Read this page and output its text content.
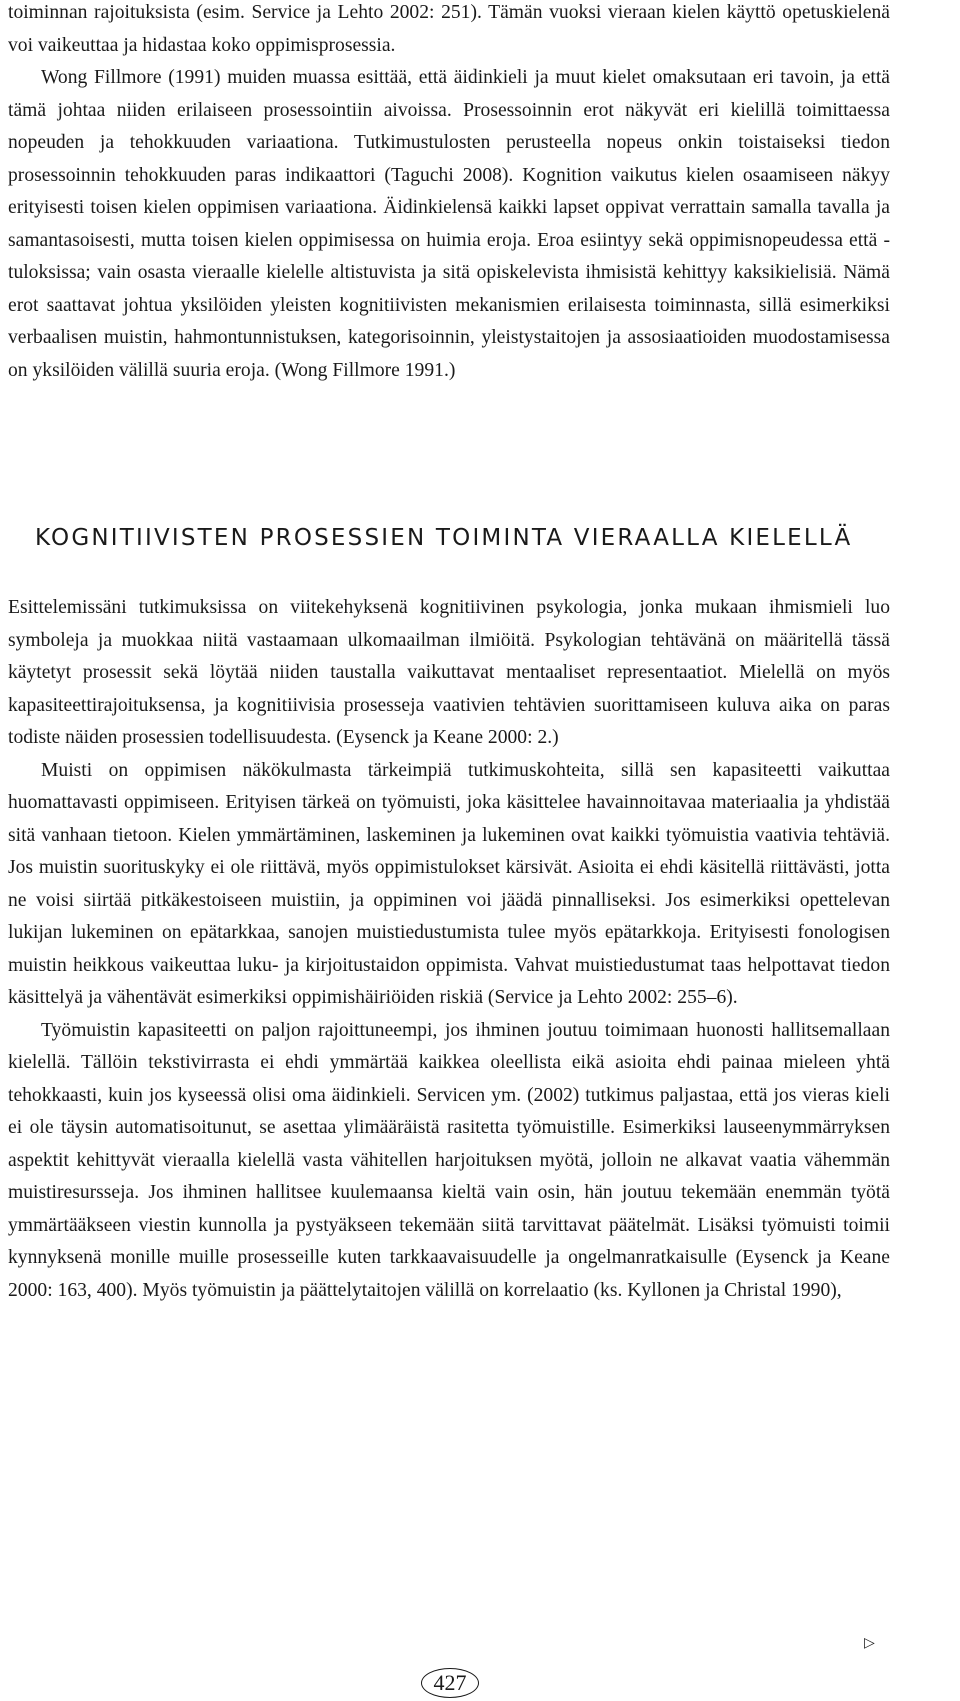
toiminnan rajoituksista (esim. Service ja Lehto 2002: 251). Tämän vuoksi vieraan kielen käyttö opetuskielenä voi vaikeuttaa ja hidastaa koko oppimisprosessia.

Wong Fillmore (1991) muiden muassa esittää, että äidinkieli ja muut kielet omaksutaan eri tavoin, ja että tämä johtaa niiden erilaiseen prosessointiin aivoissa. Prosessoinnin erot näkyvät eri kielillä toimittaessa nopeuden ja tehokkuuden variaationa. Tutkimustulosten perusteella nopeus onkin toistaiseksi tiedon prosessoinnin tehokkuuden paras indikaattori (Taguchi 2008). Kognition vaikutus kielen osaamiseen näkyy erityisesti toisen kielen oppimisen variaationa. Äidinkielensä kaikki lapset oppivat verrattain samalla tavalla ja samantasoisesti, mutta toisen kielen oppimisessa on huimia eroja. Eroa esiintyy sekä oppimisnopeudessa että -tuloksissa; vain osasta vieraalle kielelle altistuvista ja sitä opiskelevista ihmisistä kehittyy kaksikielisiä. Nämä erot saattavat johtua yksilöiden yleisten kognitiivisten mekanismien erilaisesta toiminnasta, sillä esimerkiksi verbaalisen muistin, hahmontunnistuksen, kategorisoinnin, yleistystaitojen ja assosiaatioiden muodostamisessa on yksilöiden välillä suuria eroja. (Wong Fillmore 1991.)

KOGNITIIVISTEN PROSESSIEN TOIMINTA VIERAALLA KIELELLÄ

Esittelemissäni tutkimuksissa on viitekehyksenä kognitiivinen psykologia, jonka mukaan ihmismieli luo symboleja ja muokkaa niitä vastaamaan ulkomaailman ilmiöitä. Psykologian tehtävänä on määritellä tässä käytetyt prosessit sekä löytää niiden taustalla vaikuttavat mentaaliset representaatiot. Mielellä on myös kapasiteettirajoituksensa, ja kognitiivisia prosesseja vaativien tehtävien suorittamiseen kuluva aika on paras todiste näiden prosessien todellisuudesta. (Eysenck ja Keane 2000: 2.)

Muisti on oppimisen näkökulmasta tärkeimpiä tutkimuskohteita, sillä sen kapasiteetti vaikuttaa huomattavasti oppimiseen. Erityisen tärkeä on työmuisti, joka käsittelee havainnoitavaa materiaalia ja yhdistää sitä vanhaan tietoon. Kielen ymmärtäminen, laskeminen ja lukeminen ovat kaikki työmuistia vaativia tehtäviä. Jos muistin suorituskyky ei ole riittävä, myös oppimistulokset kärsivät. Asioita ei ehdi käsitellä riittävästi, jotta ne voisi siirtää pitkäkestoiseen muistiin, ja oppiminen voi jäädä pinnalliseksi. Jos esimerkiksi opettelevan lukijan lukeminen on epätarkkaa, sanojen muistiedustumista tulee myös epätarkkoja. Erityisesti fonologisen muistin heikkous vaikeuttaa luku- ja kirjoitustaidon oppimista. Vahvat muistiedustumat taas helpottavat tiedon käsittelyä ja vähentävät esimerkiksi oppimishäiriöiden riskiä (Service ja Lehto 2002: 255–6).

Työmuistin kapasiteetti on paljon rajoittuneempi, jos ihminen joutuu toimimaan huonosti hallitsemallaan kielellä. Tällöin tekstivirrasta ei ehdi ymmärtää kaikkea oleellista eikä asioita ehdi painaa mieleen yhtä tehokkaasti, kuin jos kyseessä olisi oma äidinkieli. Servicen ym. (2002) tutkimus paljastaa, että jos vieras kieli ei ole täysin automatisoitunut, se asettaa ylimääräistä rasitetta työmuistille. Esimerkiksi lauseenymmärryksen aspektit kehittyvät vieraalla kielellä vasta vähitellen harjoituksen myötä, jolloin ne alkavat vaatia vähemmän muistiresursseja. Jos ihminen hallitsee kuulemaansa kieltä vain osin, hän joutuu tekemään enemmän työtä ymmärtääkseen viestin kunnolla ja pystyäkseen tekemään siitä tarvittavat päätelmät. Lisäksi työmuisti toimii kynnyksenä monille muille prosesseille kuten tarkkaavaisuudelle ja ongelmanratkaisulle (Eysenck ja Keane 2000: 163, 400). Myös työmuistin ja päättelytaitojen välillä on korrelaatio (ks. Kyllonen ja Christal 1990),

▷
427
